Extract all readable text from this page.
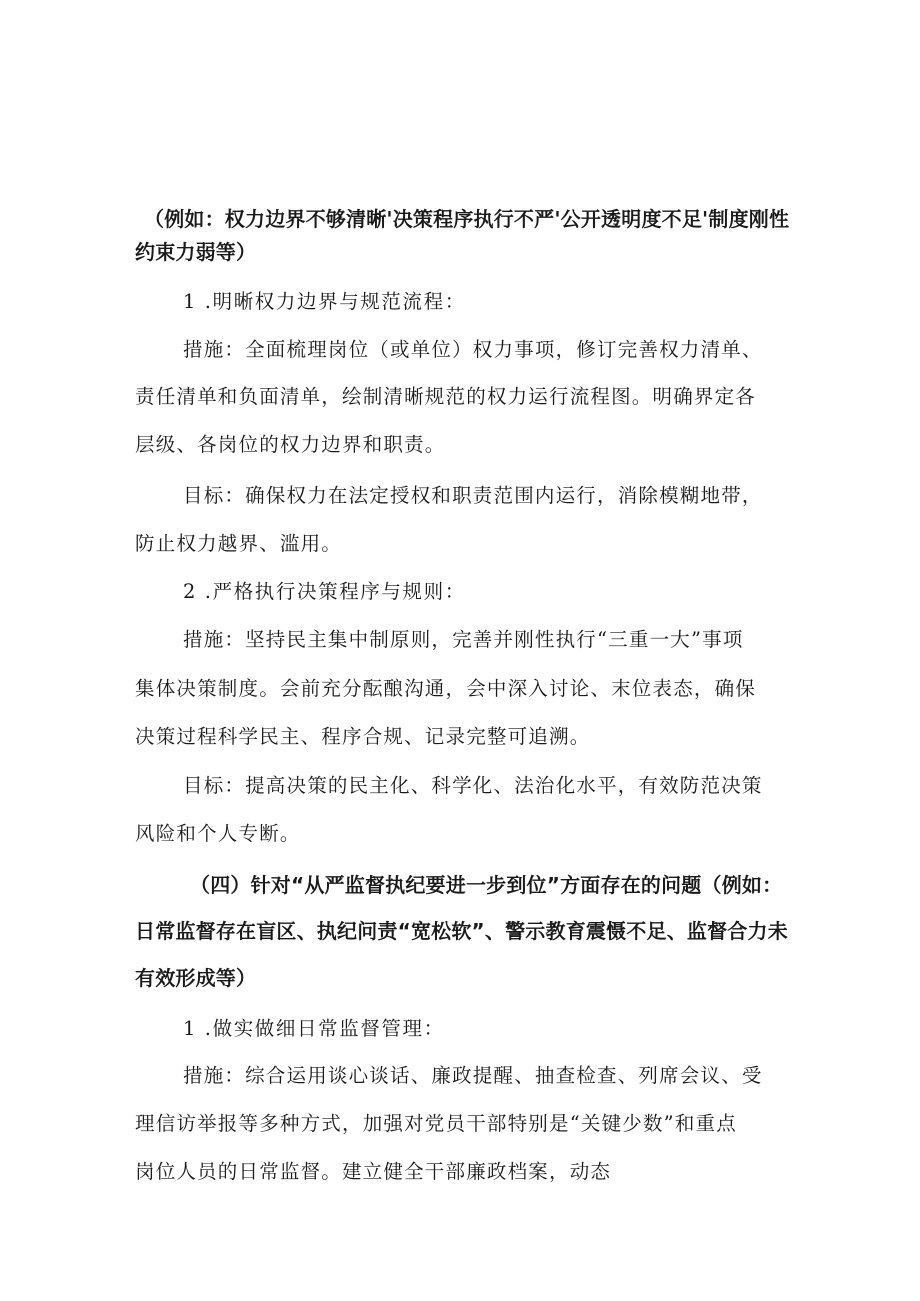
（例如：权力边界不够清晰'决策程序执行不严'公开透明度不足'制度刚性

约束力弱等）

1 .明晰权力边界与规范流程：

措施：全面梳理岗位（或单位）权力事项，修订完善权力清单、

责任清单和负面清单，绘制清晰规范的权力运行流程图。明确界定各

层级、各岗位的权力边界和职责。

目标：确保权力在法定授权和职责范围内运行，消除模糊地带，

防止权力越界、滥用。

2 .严格执行决策程序与规则：

措施：坚持民主集中制原则，完善并刚性执行“三重一大”事项

集体决策制度。会前充分酝酿沟通，会中深入讨论、末位表态，确保

决策过程科学民主、程序合规、记录完整可追溯。

目标：提高决策的民主化、科学化、法治化水平，有效防范决策

风险和个人专断。

（四）针对“从严监督执纪要进一步到位”方面存在的问题（例如：

日常监督存在盲区、执纪问责“宽松软”、警示教育震慑不足、监督合力未

有效形成等）

1 .做实做细日常监督管理：

措施：综合运用谈心谈话、廉政提醒、抽查检查、列席会议、受

理信访举报等多种方式，加强对党员干部特别是“关键少数”和重点

岗位人员的日常监督。建立健全干部廉政档案，动态
